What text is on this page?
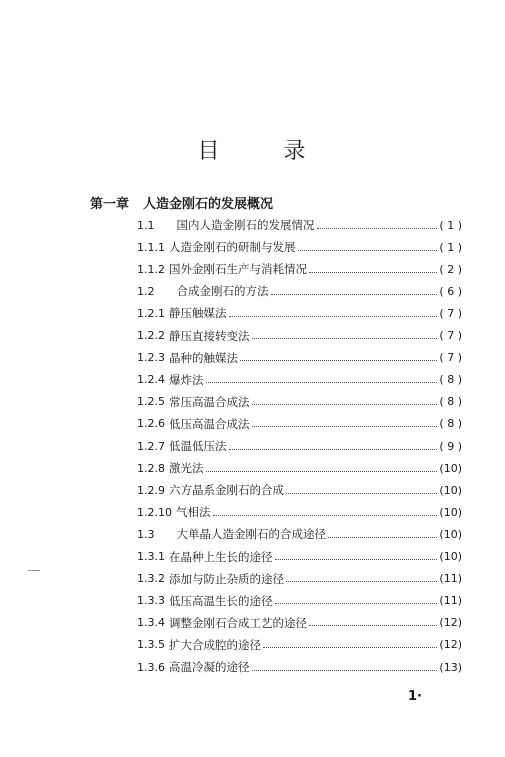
目	录
第一章 人造金刚石的发展概况
1.1 国内人造金刚石的发展情况	( 1 )
1.1.1 人造金刚石的研制与发展	( 1 )
1.1.2 国外金刚石生产与消耗情况	( 2 )
1.2 合成金刚石的方法	( 6 )
1.2.1 静压触媒法	( 7 )
1.2.2 静压直接转变法	( 7 )
1.2.3 晶种的触媒法	( 7 )
1.2.4 爆炸法	( 8 )
1.2.5 常压高温合成法	( 8 )
1.2.6 低压高温合成法	( 8 )
1.2.7 低温低压法	( 9 )
1.2.8 激光法	(10)
1.2.9 六方晶系金刚石的合成	(10)
1.2.10 气相法	(10)
1.3 大单晶人造金刚石的合成途径	(10)
1.3.1 在晶种上生长的途径	(10)
1.3.2 添加与防止杂质的途径	(11)
1.3.3 低压高温生长的途径	(11)
1.3.4 调整金刚石合成工艺的途径	(12)
1.3.5 扩大合成腔的途径	(12)
1.3.6 高温冷凝的途径	(13)
1·
